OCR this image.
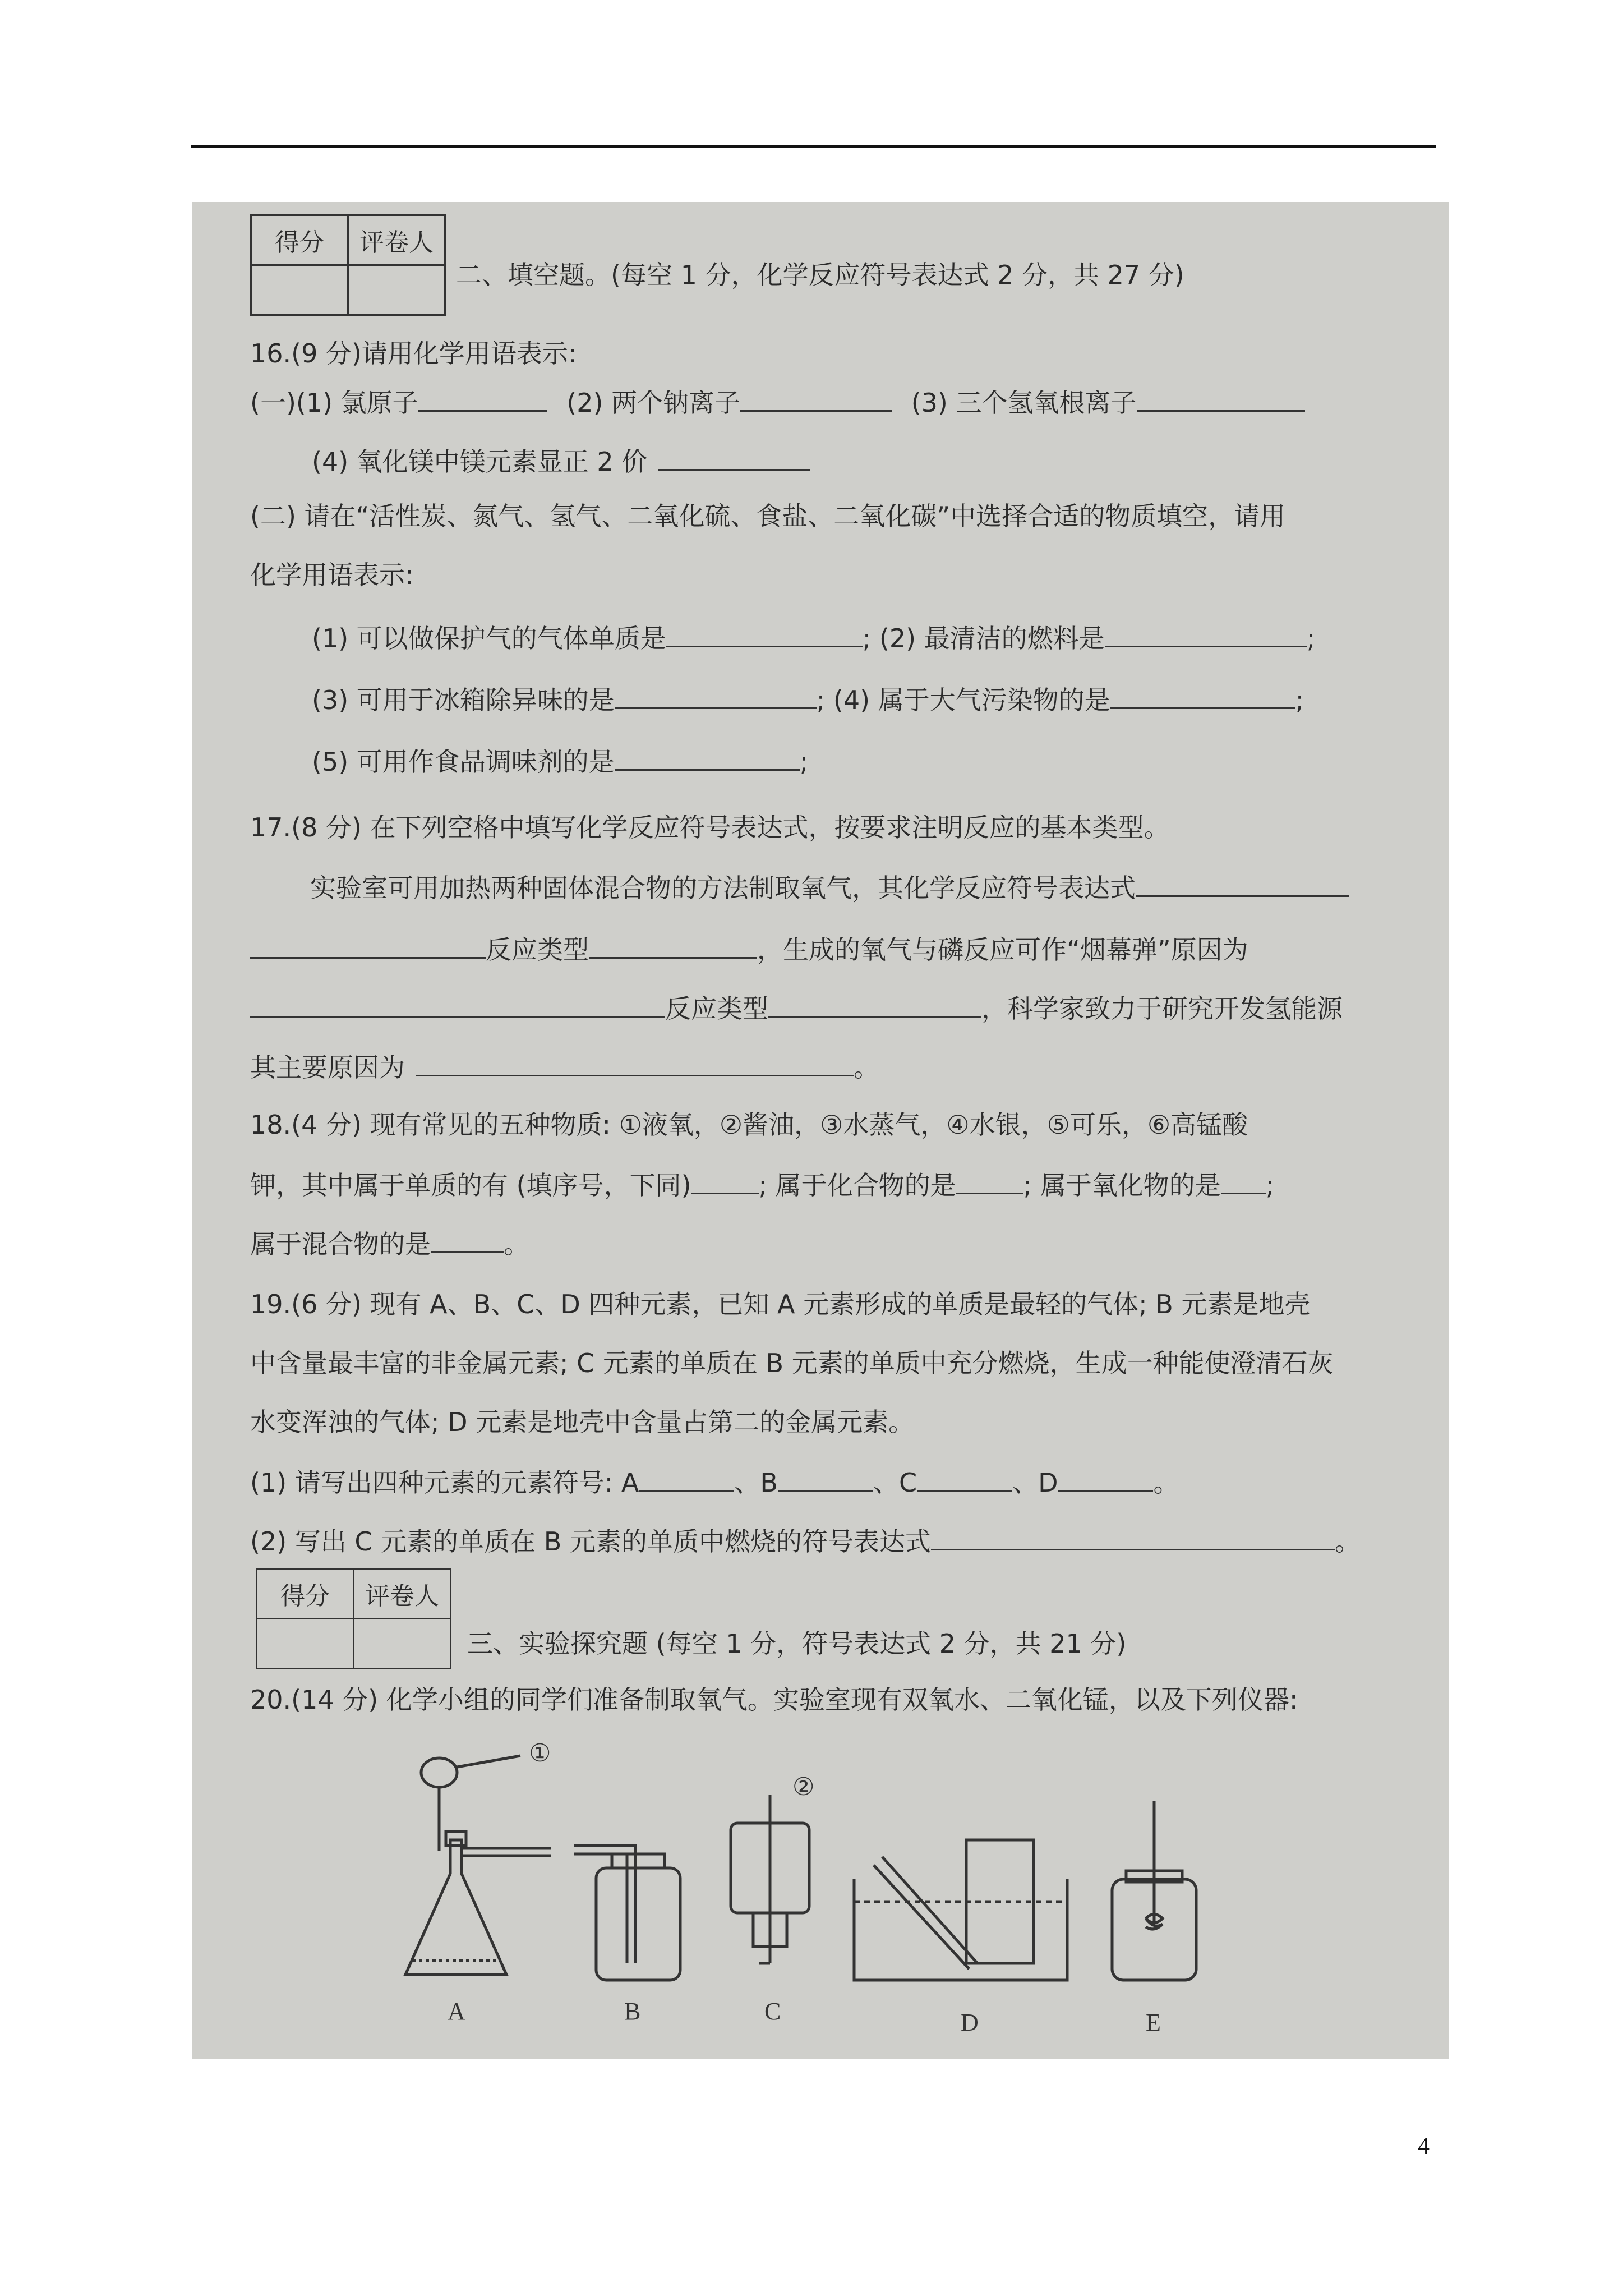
得分	评卷人

二、填空题。(每空 1 分，化学反应符号表达式 2 分，共 27 分)
16.(9 分)请用化学用语表示:
(一)(1) 氯原子	(2) 两个钠离子	(3) 三个氢氧根离子
(4) 氧化镁中镁元素显正 2 价
(二) 请在“活性炭、氮气、氢气、二氧化硫、食盐、二氧化碳”中选择合适的物质填空，请用
化学用语表示:
(1) 可以做保护气的气体单质是	; (2) 最清洁的燃料是	;
(3) 可用于冰箱除异味的是	; (4) 属于大气污染物的是	;
(5) 可用作食品调味剂的是	;
17.(8 分) 在下列空格中填写化学反应符号表达式，按要求注明反应的基本类型。
实验室可用加热两种固体混合物的方法制取氧气，其化学反应符号表达式
反应类型	，生成的氧气与磷反应可作“烟幕弹”原因为
反应类型	，科学家致力于研究开发氢能源
其主要原因为	。
18.(4 分) 现有常见的五种物质: ①液氧，②酱油，③水蒸气，④水银，⑤可乐，⑥高锰酸
钾，其中属于单质的有 (填序号，下同)	; 属于化合物的是	; 属于氧化物的是 ;
属于混合物的是	。
19.(6 分) 现有 A、B、C、D 四种元素，已知 A 元素形成的单质是最轻的气体; B 元素是地壳
中含量最丰富的非金属元素; C 元素的单质在 B 元素的单质中充分燃烧，生成一种能使澄清石灰
水变浑浊的气体; D 元素是地壳中含量占第二的金属元素。
(1) 请写出四种元素的元素符号: A	、B	、C	、D	。
(2) 写出 C 元素的单质在 B 元素的单质中燃烧的符号表达式	。
得分	评卷人

三、实验探究题 (每空 1 分，符号表达式 2 分，共 21 分)
20.(14 分) 化学小组的同学们准备制取氧气。实验室现有双氧水、二氧化锰，以及下列仪器:
①
②
A	B	C	D	E
4
